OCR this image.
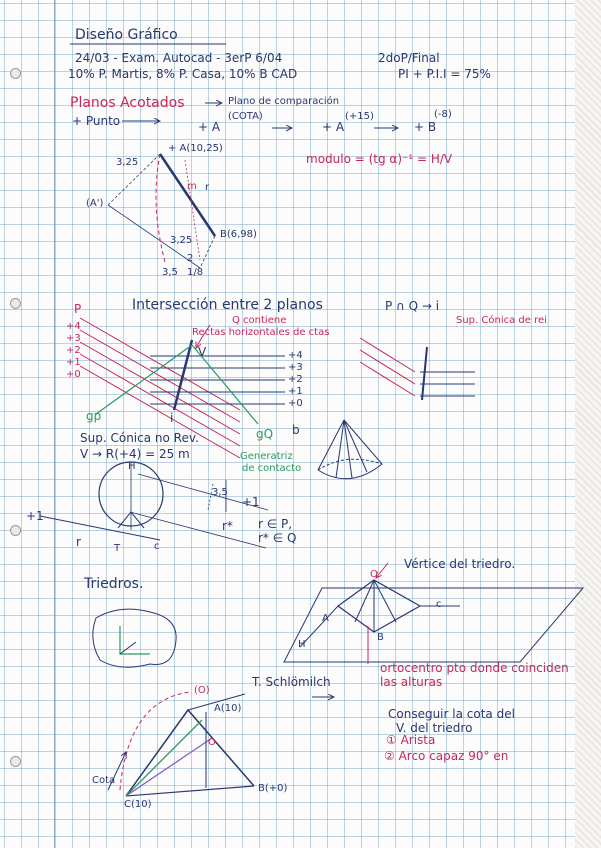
Diseño Gráfico
24/03 - Exam. Autocad - 3erP 6/04	2doP/Final
10% P. Martis, 8% P. Casa, 10% B CAD	PI + P.I.I = 75%
Planos Acotados	Plano de comparación
+ Punto	+ A
(COTA)
+ A
(+15)
+ B
(-8)
+ A(10,25)
B(6,98)
(A')
m r
modulo = (tg α)⁻¹ = H/V
3,25
3,25
3,5 1/8
2
Intersección entre 2 planos	P ∩ Q → i
P
Q contiene
Rectas horizontales de ctas
V
i
gp
gQ b
+4
+3
+2
+1
+0
+4
+3
+2
+1
+0
Sup. Cónica de rei
Sup. Cónica no Rev.
V → R(+4) = 25 m	Generatriz
de contacto
H
3,5
+1
+1
r
r* r ∈ P,
r* ∈ Q
T	c
Triedros.
Vértice del triedro.
ortocentro pto donde coinciden
las alturas
T. Schlömilch
A
B
c
H
O
A(10)
B(+0)
C(10)
(O)
Cota
O
Conseguir la cota del
V. del triedro
① Arista
② Arco capaz 90° en
